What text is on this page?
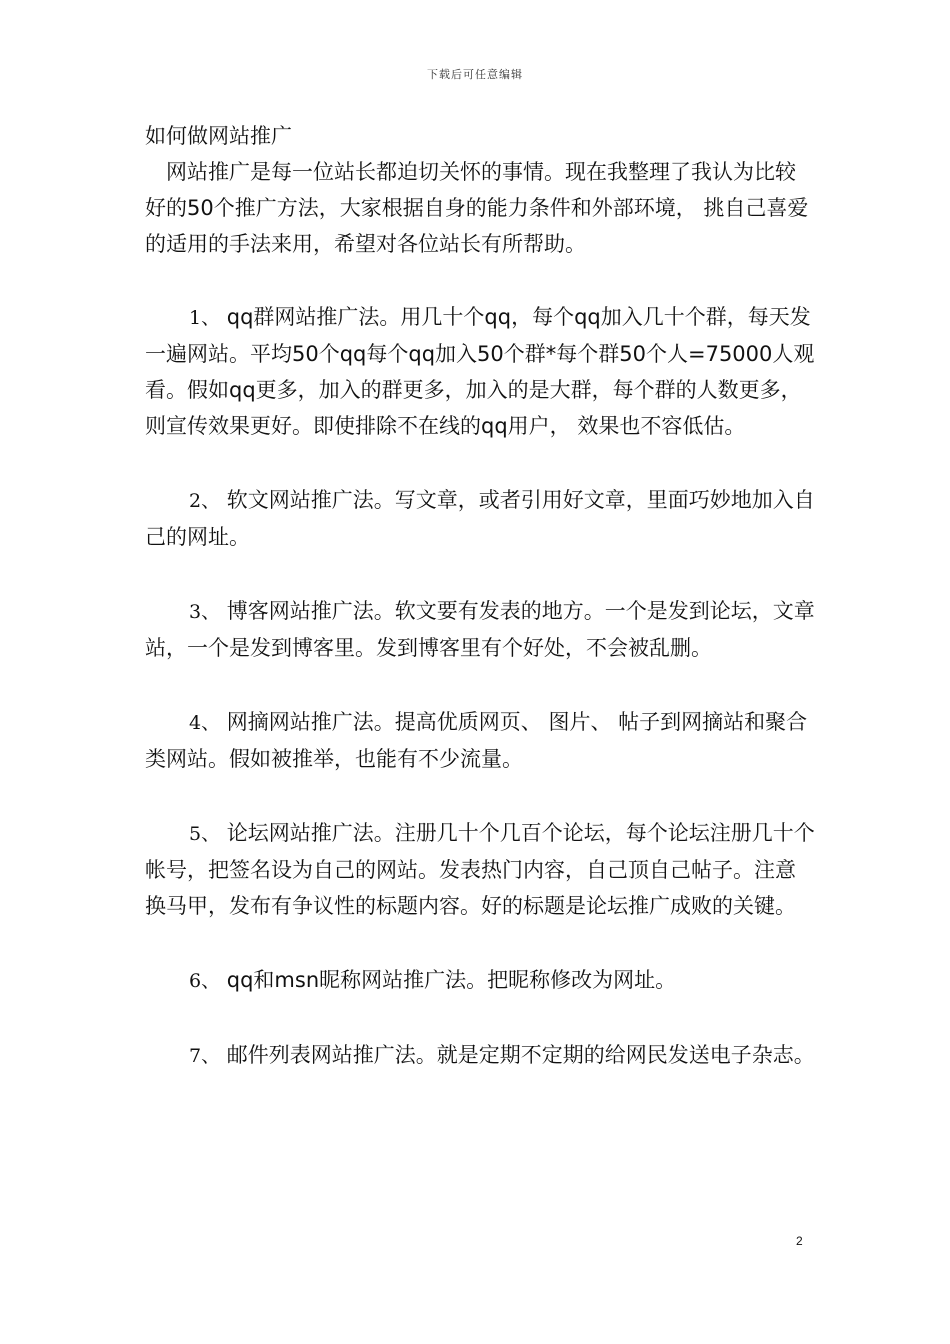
下载后可任意编辑

如何做网站推广

网站推广是每一位站长都迫切关怀的事情。现在我整理了我认为比较好的50个推广方法，大家根据自身的能力条件和外部环境， 挑自己喜爱的适用的手法来用，希望对各位站长有所帮助。

1、 qq群网站推广法。用几十个qq，每个qq加入几十个群，每天发一遍网站。平均50个qq每个qq加入50个群*每个群50个人=75000人观看。假如qq更多，加入的群更多，加入的是大群，每个群的人数更多，则宣传效果更好。即使排除不在线的qq用户， 效果也不容低估。

2、 软文网站推广法。写文章，或者引用好文章，里面巧妙地加入自己的网址。

3、 博客网站推广法。软文要有发表的地方。一个是发到论坛，文章站，一个是发到博客里。发到博客里有个好处，不会被乱删。

4、 网摘网站推广法。提高优质网页、 图片、 帖子到网摘站和聚合类网站。假如被推举，也能有不少流量。

5、 论坛网站推广法。注册几十个几百个论坛，每个论坛注册几十个帐号，把签名设为自己的网站。发表热门内容，自己顶自己帖子。注意换马甲，发布有争议性的标题内容。好的标题是论坛推广成败的关键。

6、 qq和msn昵称网站推广法。把昵称修改为网址。

7、 邮件列表网站推广法。就是定期不定期的给网民发送电子杂志。

2
